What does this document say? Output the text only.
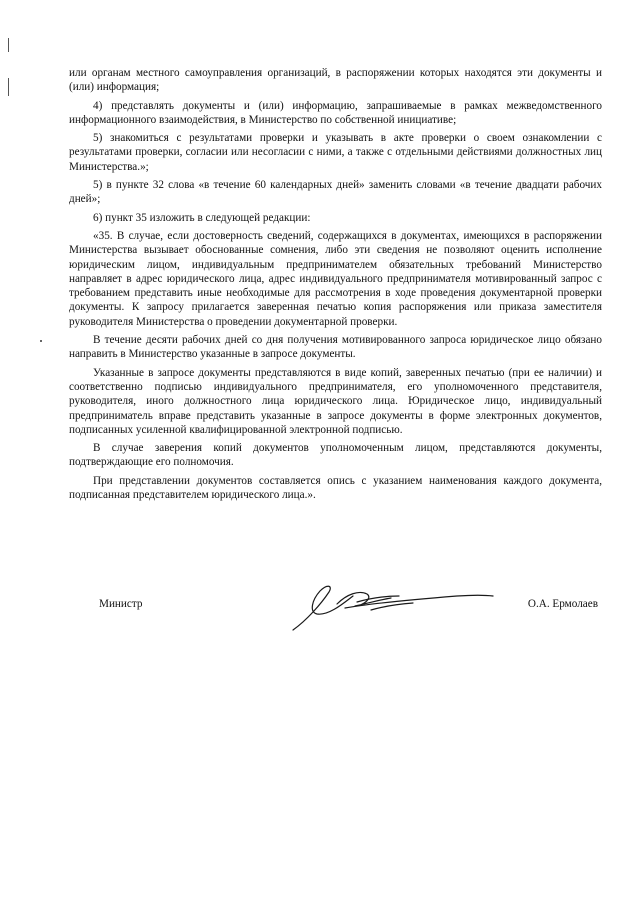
или органам местного самоуправления организаций, в распоряжении которых находятся эти документы и (или) информация;

4) представлять документы и (или) информацию, запрашиваемые в рамках межведомственного информационного взаимодействия, в Министерство по собственной инициативе;

5) знакомиться с результатами проверки и указывать в акте проверки о своем ознакомлении с результатами проверки, согласии или несогласии с ними, а также с отдельными действиями должностных лиц Министерства.»;

5) в пункте 32 слова «в течение 60 календарных дней» заменить словами «в течение двадцати рабочих дней»;

6) пункт 35 изложить в следующей редакции:

«35. В случае, если достоверность сведений, содержащихся в документах, имеющихся в распоряжении Министерства вызывает обоснованные сомнения, либо эти сведения не позволяют оценить исполнение юридическим лицом, индивидуальным предпринимателем обязательных требований Министерство направляет в адрес юридического лица, адрес индивидуального предпринимателя мотивированный запрос с требованием представить иные необходимые для рассмотрения в ходе проведения документарной проверки документы. К запросу прилагается заверенная печатью копия распоряжения или приказа заместителя руководителя Министерства о проведении документарной проверки.

В течение десяти рабочих дней со дня получения мотивированного запроса юридическое лицо обязано направить в Министерство указанные в запросе документы.

Указанные в запросе документы представляются в виде копий, заверенных печатью (при ее наличии) и соответственно подписью индивидуального предпринимателя, его уполномоченного представителя, руководителя, иного должностного лица юридического лица. Юридическое лицо, индивидуальный предприниматель вправе представить указанные в запросе документы в форме электронных документов, подписанных усиленной квалифицированной электронной подписью.

В случае заверения копий документов уполномоченным лицом, представляются документы, подтверждающие его полномочия.

При представлении документов составляется опись с указанием наименования каждого документа, подписанная представителем юридического лица.».

Министр	О.А. Ермолаев
